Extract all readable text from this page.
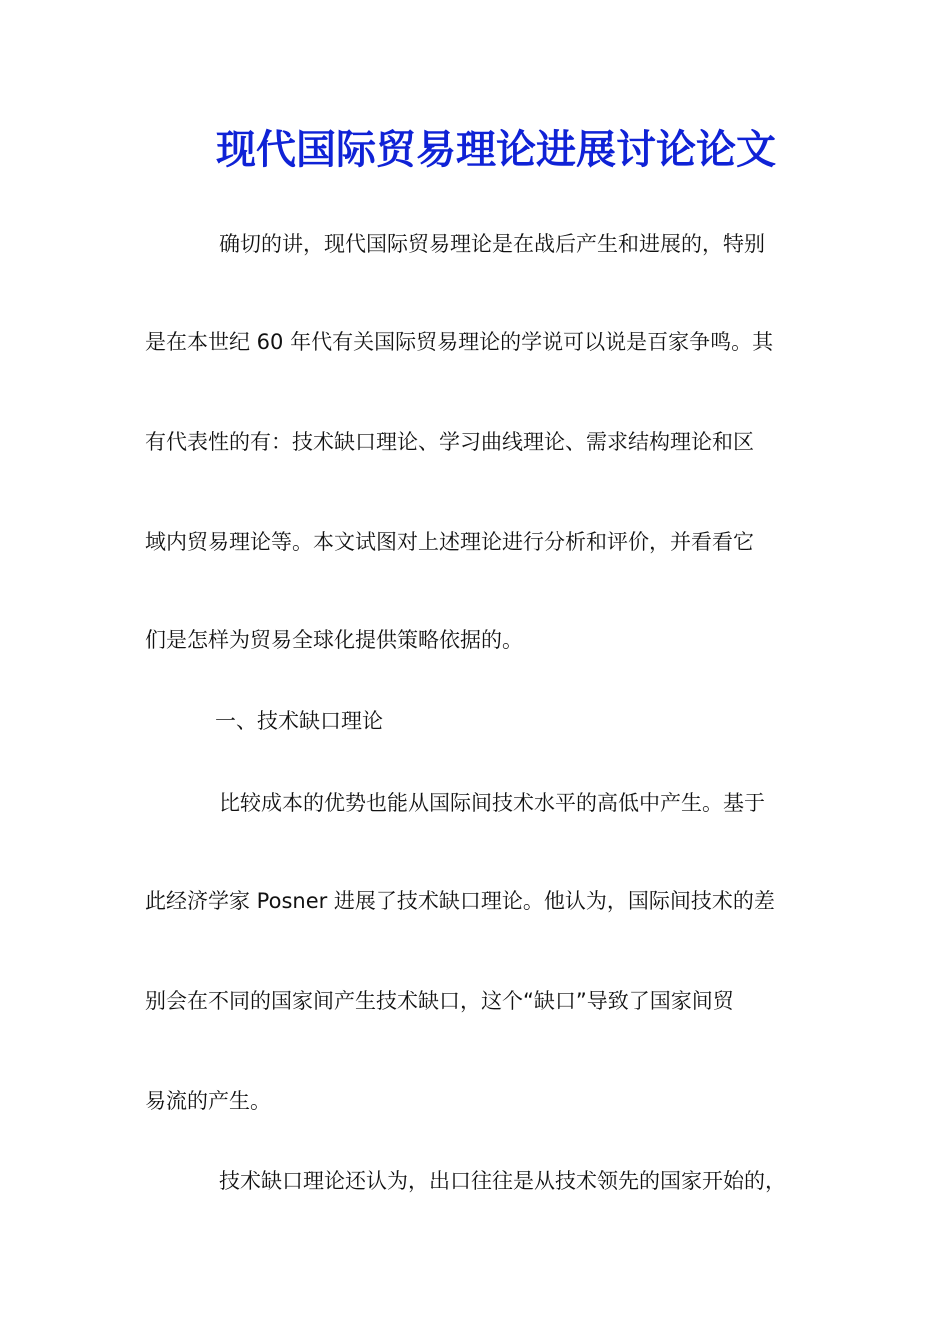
现代国际贸易理论进展讨论论文

确切的讲，现代国际贸易理论是在战后产生和进展的，特别

是在本世纪 60 年代有关国际贸易理论的学说可以说是百家争鸣。其

有代表性的有：技术缺口理论、学习曲线理论、需求结构理论和区

域内贸易理论等。本文试图对上述理论进行分析和评价，并看看它

们是怎样为贸易全球化提供策略依据的。

一、技术缺口理论

比较成本的优势也能从国际间技术水平的高低中产生。基于

此经济学家 Posner 进展了技术缺口理论。他认为，国际间技术的差

别会在不同的国家间产生技术缺口，这个“缺口”导致了国家间贸

易流的产生。

技术缺口理论还认为，出口往往是从技术领先的国家开始的，
